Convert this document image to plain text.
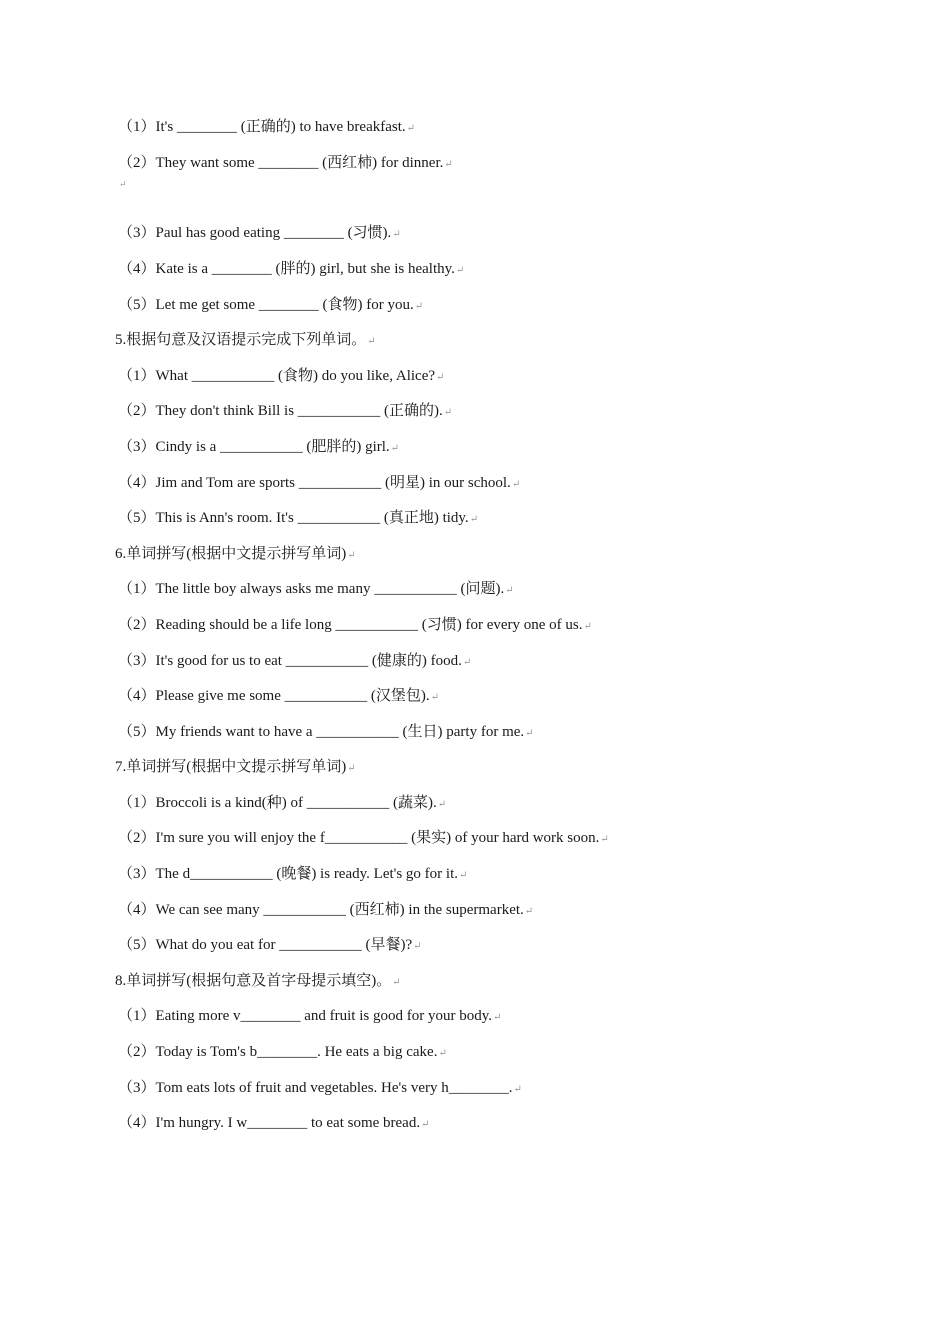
（1）It's ________ (正确的) to have breakfast.↵
（2）They want some ________ (西红柿) for dinner.↵
↵
（3）Paul has good eating ________ (习惯).↵
（4）Kate is a ________ (胖的) girl, but she is healthy.↵
（5）Let me get some ________ (食物) for you.↵
5.根据句意及汉语提示完成下列单词。↵
（1）What ___________ (食物) do you like, Alice?↵
（2）They don't think Bill is ___________ (正确的).↵
（3）Cindy is a ___________ (肥胖的) girl.↵
（4）Jim and Tom are sports ___________ (明星) in our school.↵
（5）This is Ann's room. It's ___________ (真正地) tidy.↵
6.单词拼写(根据中文提示拼写单词)↵
（1）The little boy always asks me many ___________ (问题).↵
（2）Reading should be a life long ___________ (习惯) for every one of us.↵
（3）It's good for us to eat ___________ (健康的) food.↵
（4）Please give me some ___________ (汉堡包).↵
（5）My friends want to have a ___________ (生日) party for me.↵
7.单词拼写(根据中文提示拼写单词)↵
（1）Broccoli is a kind(种) of ___________ (蔬菜).↵
（2）I'm sure you will enjoy the f___________ (果实) of your hard work soon.↵
（3）The d___________ (晚餐) is ready. Let's go for it.↵
（4）We can see many ___________ (西红柿) in the supermarket.↵
（5）What do you eat for ___________ (早餐)?↵
8.单词拼写(根据句意及首字母提示填空)。↵
（1）Eating more v________ and fruit is good for your body.↵
（2）Today is Tom's b________. He eats a big cake.↵
（3）Tom eats lots of fruit and vegetables. He's very h________.↵
（4）I'm hungry. I w________ to eat some bread.↵
